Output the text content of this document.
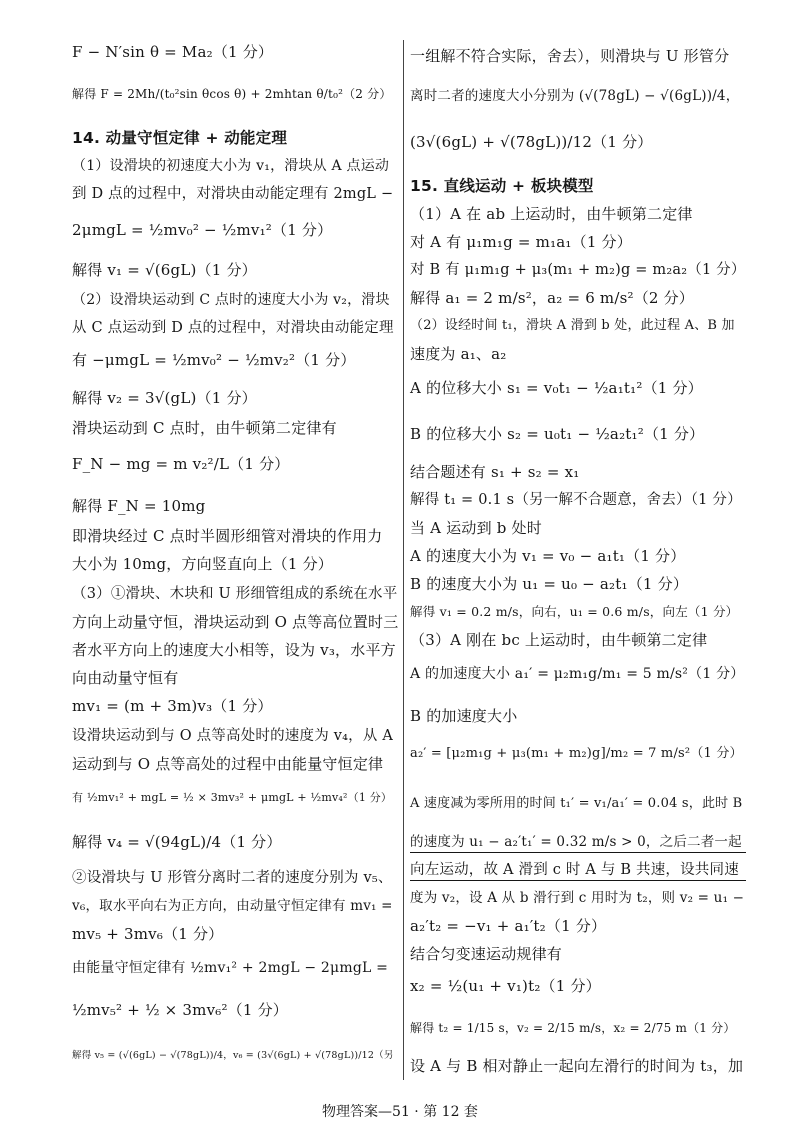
F − N′sin θ = Ma₂（1 分）
解得 F = 2Mh/(t₀²sin θcos θ) + 2mhtan θ/t₀²（2 分）
14. 动量守恒定律 + 动能定理
（1）设滑块的初速度大小为 v₁，滑块从 A 点运动
到 D 点的过程中，对滑块由动能定理有 2mgL −
2μmgL = ½mv₀² − ½mv₁²（1 分）
解得 v₁ = √(6gL)（1 分）
（2）设滑块运动到 C 点时的速度大小为 v₂，滑块
从 C 点运动到 D 点的过程中，对滑块由动能定理
有 −μmgL = ½mv₀² − ½mv₂²（1 分）
解得 v₂ = 3√(gL)（1 分）
滑块运动到 C 点时，由牛顿第二定律有
F_N − mg = m v₂²/L（1 分）
解得 F_N = 10mg
即滑块经过 C 点时半圆形细管对滑块的作用力
大小为 10mg，方向竖直向上（1 分）
（3）①滑块、木块和 U 形细管组成的系统在水平
方向上动量守恒，滑块运动到 O 点等高位置时三
者水平方向上的速度大小相等，设为 v₃，水平方
向由动量守恒有
mv₁ = (m + 3m)v₃（1 分）
设滑块运动到与 O 点等高处时的速度为 v₄，从 A
运动到与 O 点等高处的过程中由能量守恒定律
有 ½mv₁² + mgL = ½ × 3mv₃² + μmgL + ½mv₄²（1 分）
解得 v₄ = √(94gL)/4（1 分）
②设滑块与 U 形管分离时二者的速度分别为 v₅、
v₆，取水平向右为正方向，由动量守恒定律有 mv₁ =
mv₅ + 3mv₆（1 分）
由能量守恒定律有 ½mv₁² + 2mgL − 2μmgL =
½mv₅² + ½ × 3mv₆²（1 分）
解得 v₅ = (√(6gL) − √(78gL))/4，v₆ = (3√(6gL) + √(78gL))/12（另
一组解不符合实际，舍去），则滑块与 U 形管分
离时二者的速度大小分别为 (√(78gL) − √(6gL))/4，
(3√(6gL) + √(78gL))/12（1 分）
15. 直线运动 + 板块模型
（1）A 在 ab 上运动时，由牛顿第二定律
对 A 有 μ₁m₁g = m₁a₁（1 分）
对 B 有 μ₁m₁g + μ₃(m₁ + m₂)g = m₂a₂（1 分）
解得 a₁ = 2 m/s²，a₂ = 6 m/s²（2 分）
（2）设经时间 t₁，滑块 A 滑到 b 处，此过程 A、B 加
速度为 a₁、a₂
A 的位移大小 s₁ = v₀t₁ − ½a₁t₁²（1 分）
B 的位移大小 s₂ = u₀t₁ − ½a₂t₁²（1 分）
结合题述有 s₁ + s₂ = x₁
解得 t₁ = 0.1 s（另一解不合题意，舍去）（1 分）
当 A 运动到 b 处时
A 的速度大小为 v₁ = v₀ − a₁t₁（1 分）
B 的速度大小为 u₁ = u₀ − a₂t₁（1 分）
解得 v₁ = 0.2 m/s，向右，u₁ = 0.6 m/s，向左（1 分）
（3）A 刚在 bc 上运动时，由牛顿第二定律
A 的加速度大小 a₁′ = μ₂m₁g/m₁ = 5 m/s²（1 分）
B 的加速度大小
a₂′ = [μ₂m₁g + μ₃(m₁ + m₂)g]/m₂ = 7 m/s²（1 分）
A 速度减为零所用的时间 t₁′ = v₁/a₁′ = 0.04 s，此时 B
的速度为 u₁ − a₂′t₁′ = 0.32 m/s > 0，之后二者一起
向左运动，故 A 滑到 c 时 A 与 B 共速，设共同速
度为 v₂，设 A 从 b 滑行到 c 用时为 t₂，则 v₂ = u₁ −
a₂′t₂ = −v₁ + a₁′t₂（1 分）
结合匀变速运动规律有
x₂ = ½(u₁ + v₁)t₂（1 分）
解得 t₂ = 1/15 s，v₂ = 2/15 m/s，x₂ = 2/75 m（1 分）
设 A 与 B 相对静止一起向左滑行的时间为 t₃，加
物理答案—51 · 第 12 套
